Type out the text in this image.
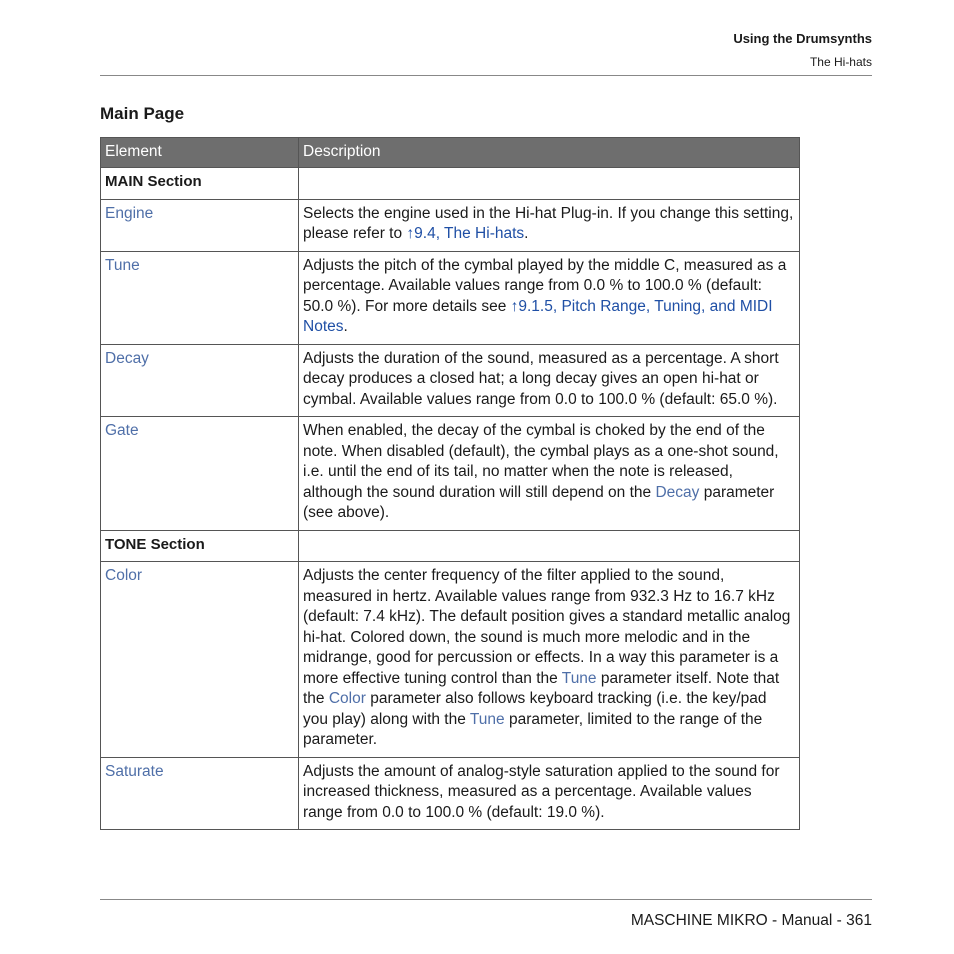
Using the Drumsynths
The Hi-hats
Main Page
Element	Description
MAIN Section	
Engine	Selects the engine used in the Hi-hat Plug-in. If you change this setting, please refer to ↑9.4, The Hi-hats.
Tune	Adjusts the pitch of the cymbal played by the middle C, measured as a percentage. Available values range from 0.0 % to 100.0 % (default: 50.0 %). For more details see ↑9.1.5, Pitch Range, Tuning, and MIDI Notes.
Decay	Adjusts the duration of the sound, measured as a percentage. A short decay produces a closed hat; a long decay gives an open hi-hat or cymbal. Available values range from 0.0 to 100.0 % (default: 65.0 %).
Gate	When enabled, the decay of the cymbal is choked by the end of the note. When disabled (default), the cymbal plays as a one-shot sound, i.e. until the end of its tail, no matter when the note is released, although the sound duration will still depend on the Decay parameter (see above).
TONE Section	
Color	Adjusts the center frequency of the filter applied to the sound, measured in hertz. Available values range from 932.3 Hz to 16.7 kHz (default: 7.4 kHz). The default position gives a standard metallic analog hi-hat. Colored down, the sound is much more melodic and in the midrange, good for percussion or effects. In a way this parameter is a more effective tuning control than the Tune parameter itself. Note that the Color parameter also follows keyboard tracking (i.e. the key/pad you play) along with the Tune parameter, limited to the range of the parameter.
Saturate	Adjusts the amount of analog-style saturation applied to the sound for increased thickness, measured as a percentage. Available values range from 0.0 to 100.0 % (default: 19.0 %).
MASCHINE MIKRO - Manual - 361
